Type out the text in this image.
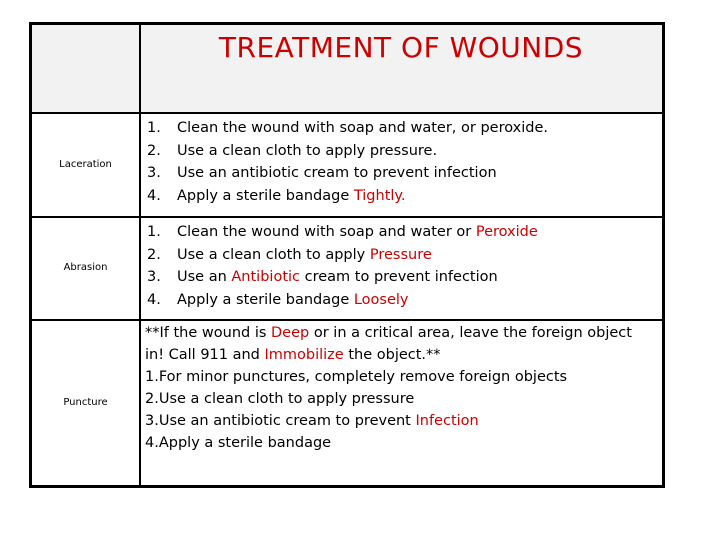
TREATMENT OF WOUNDS
Laceration
1. Clean the wound with soap and water, or peroxide.
2. Use a clean cloth to apply pressure.
3. Use an antibiotic cream to prevent infection
4. Apply a sterile bandage Tightly.
Abrasion
1. Clean the wound with soap and water or Peroxide
2. Use a clean cloth to apply Pressure
3. Use an Antibiotic cream to prevent infection
4. Apply a sterile bandage Loosely
Puncture
**If the wound is Deep or in a critical area, leave the foreign object
in! Call 911 and Immobilize the object.**
1.For minor punctures, completely remove foreign objects
2.Use a clean cloth to apply pressure
3.Use an antibiotic cream to prevent Infection
4.Apply a sterile bandage
